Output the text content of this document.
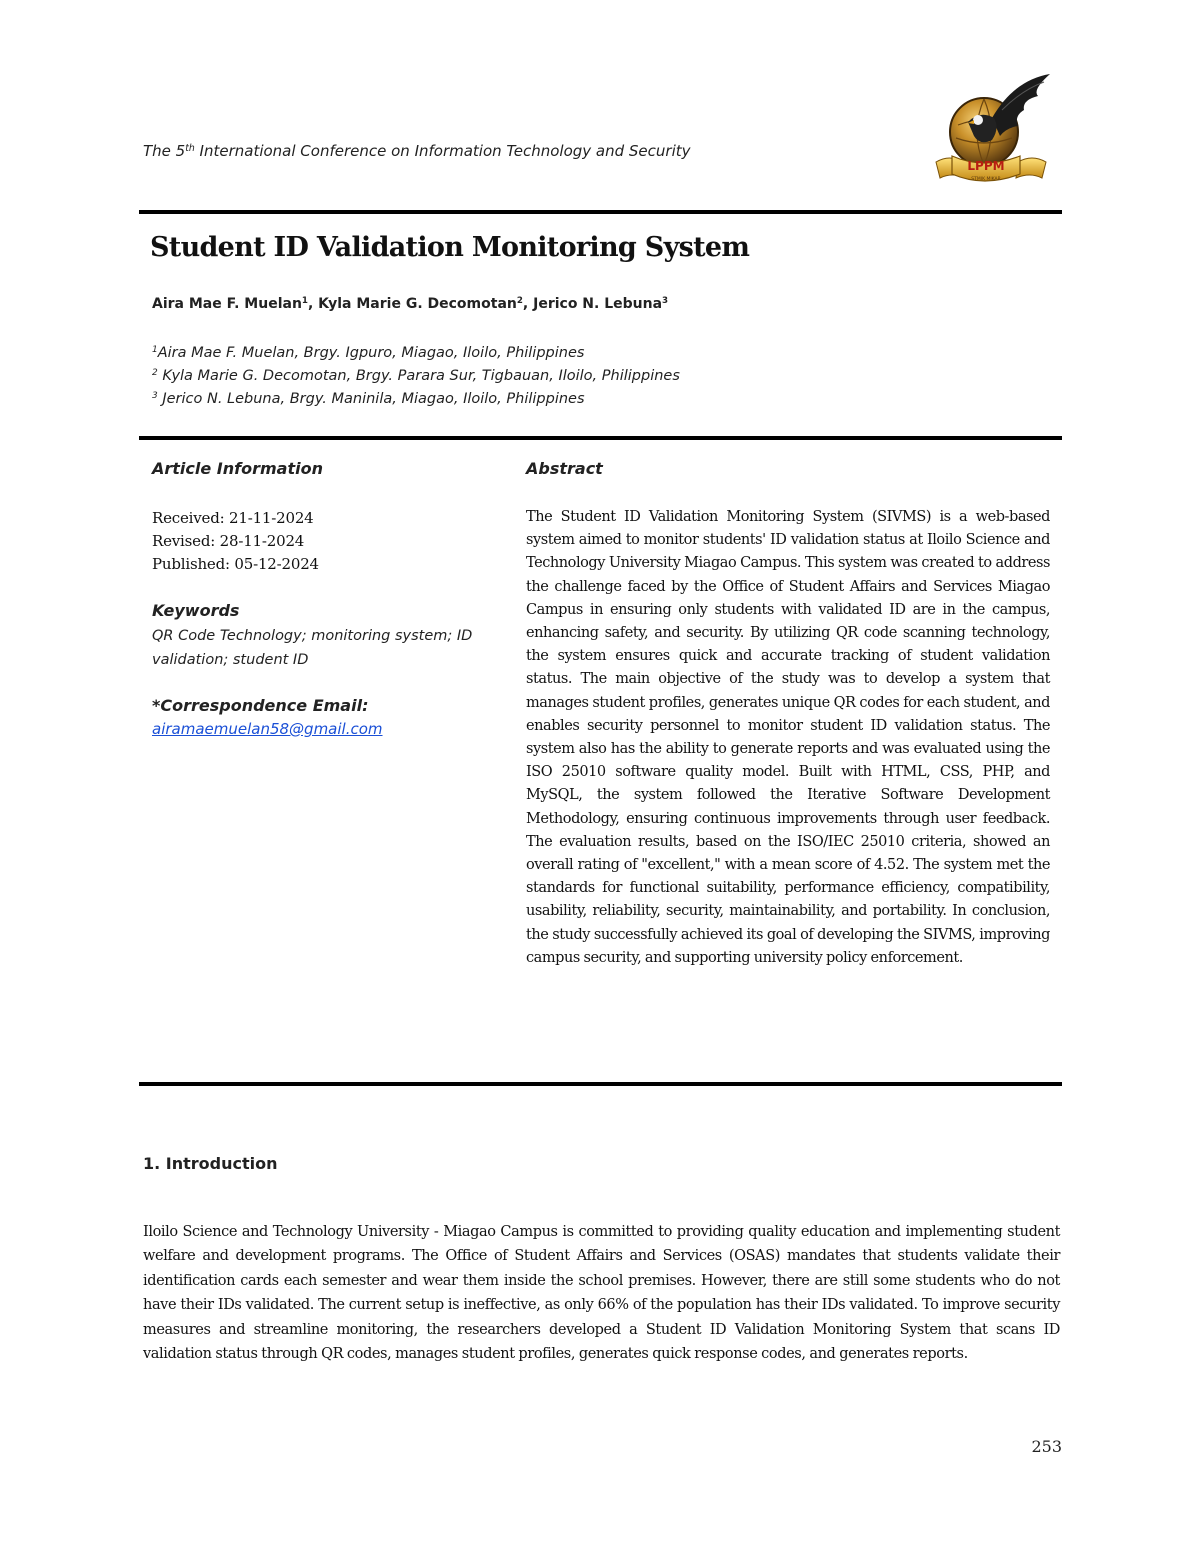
The 5th International Conference on Information Technology and Security
LPPM
STMIK MIKAR
Student ID Validation Monitoring System
Aira Mae F. Muelan$^1$, Kyla Marie G. Decomotan$^2$, Jerico N. Lebuna$^3$
$^1$Aira Mae F. Muelan, Brgy. Igpuro, Miagao, Iloilo, Philippines
$^2$ Kyla Marie G. Decomotan, Brgy. Parara Sur, Tigbauan, Iloilo, Philippines
$^3$ Jerico N. Lebuna, Brgy. Maninila, Miagao, Iloilo, Philippines
Article Information
Received: 21-11-2024
Revised: 28-11-2024
Published: 05-12-2024
Keywords
QR Code Technology; monitoring system; ID validation; student ID
*Correspondence Email:
airamaemuelan58@gmail.com
Abstract
The Student ID Validation Monitoring System (SIVMS) is a web-based system aimed to monitor students' ID validation status at Iloilo Science and Technology University Miagao Campus. This system was created to address the challenge faced by the Office of Student Affairs and Services Miagao Campus in ensuring only students with validated ID are in the campus, enhancing safety, and security. By utilizing QR code scanning technology, the system ensures quick and accurate tracking of student validation status. The main objective of the study was to develop a system that manages student profiles, generates unique QR codes for each student, and enables security personnel to monitor student ID validation status. The system also has the ability to generate reports and was evaluated using the ISO 25010 software quality model. Built with HTML, CSS, PHP, and MySQL, the system followed the Iterative Software Development Methodology, ensuring continuous improvements through user feedback. The evaluation results, based on the ISO/IEC 25010 criteria, showed an overall rating of "excellent," with a mean score of 4.52. The system met the standards for functional suitability, performance efficiency, compatibility, usability, reliability, security, maintainability, and portability. In conclusion, the study successfully achieved its goal of developing the SIVMS, improving campus security, and supporting university policy enforcement.
1. Introduction
Iloilo Science and Technology University - Miagao Campus is committed to providing quality education and implementing student welfare and development programs. The Office of Student Affairs and Services (OSAS) mandates that students validate their identification cards each semester and wear them inside the school premises. However, there are still some students who do not have their IDs validated. The current setup is ineffective, as only 66% of the population has their IDs validated. To improve security measures and streamline monitoring, the researchers developed a Student ID Validation Monitoring System that scans ID validation status through QR codes, manages student profiles, generates quick response codes, and generates reports.
253
